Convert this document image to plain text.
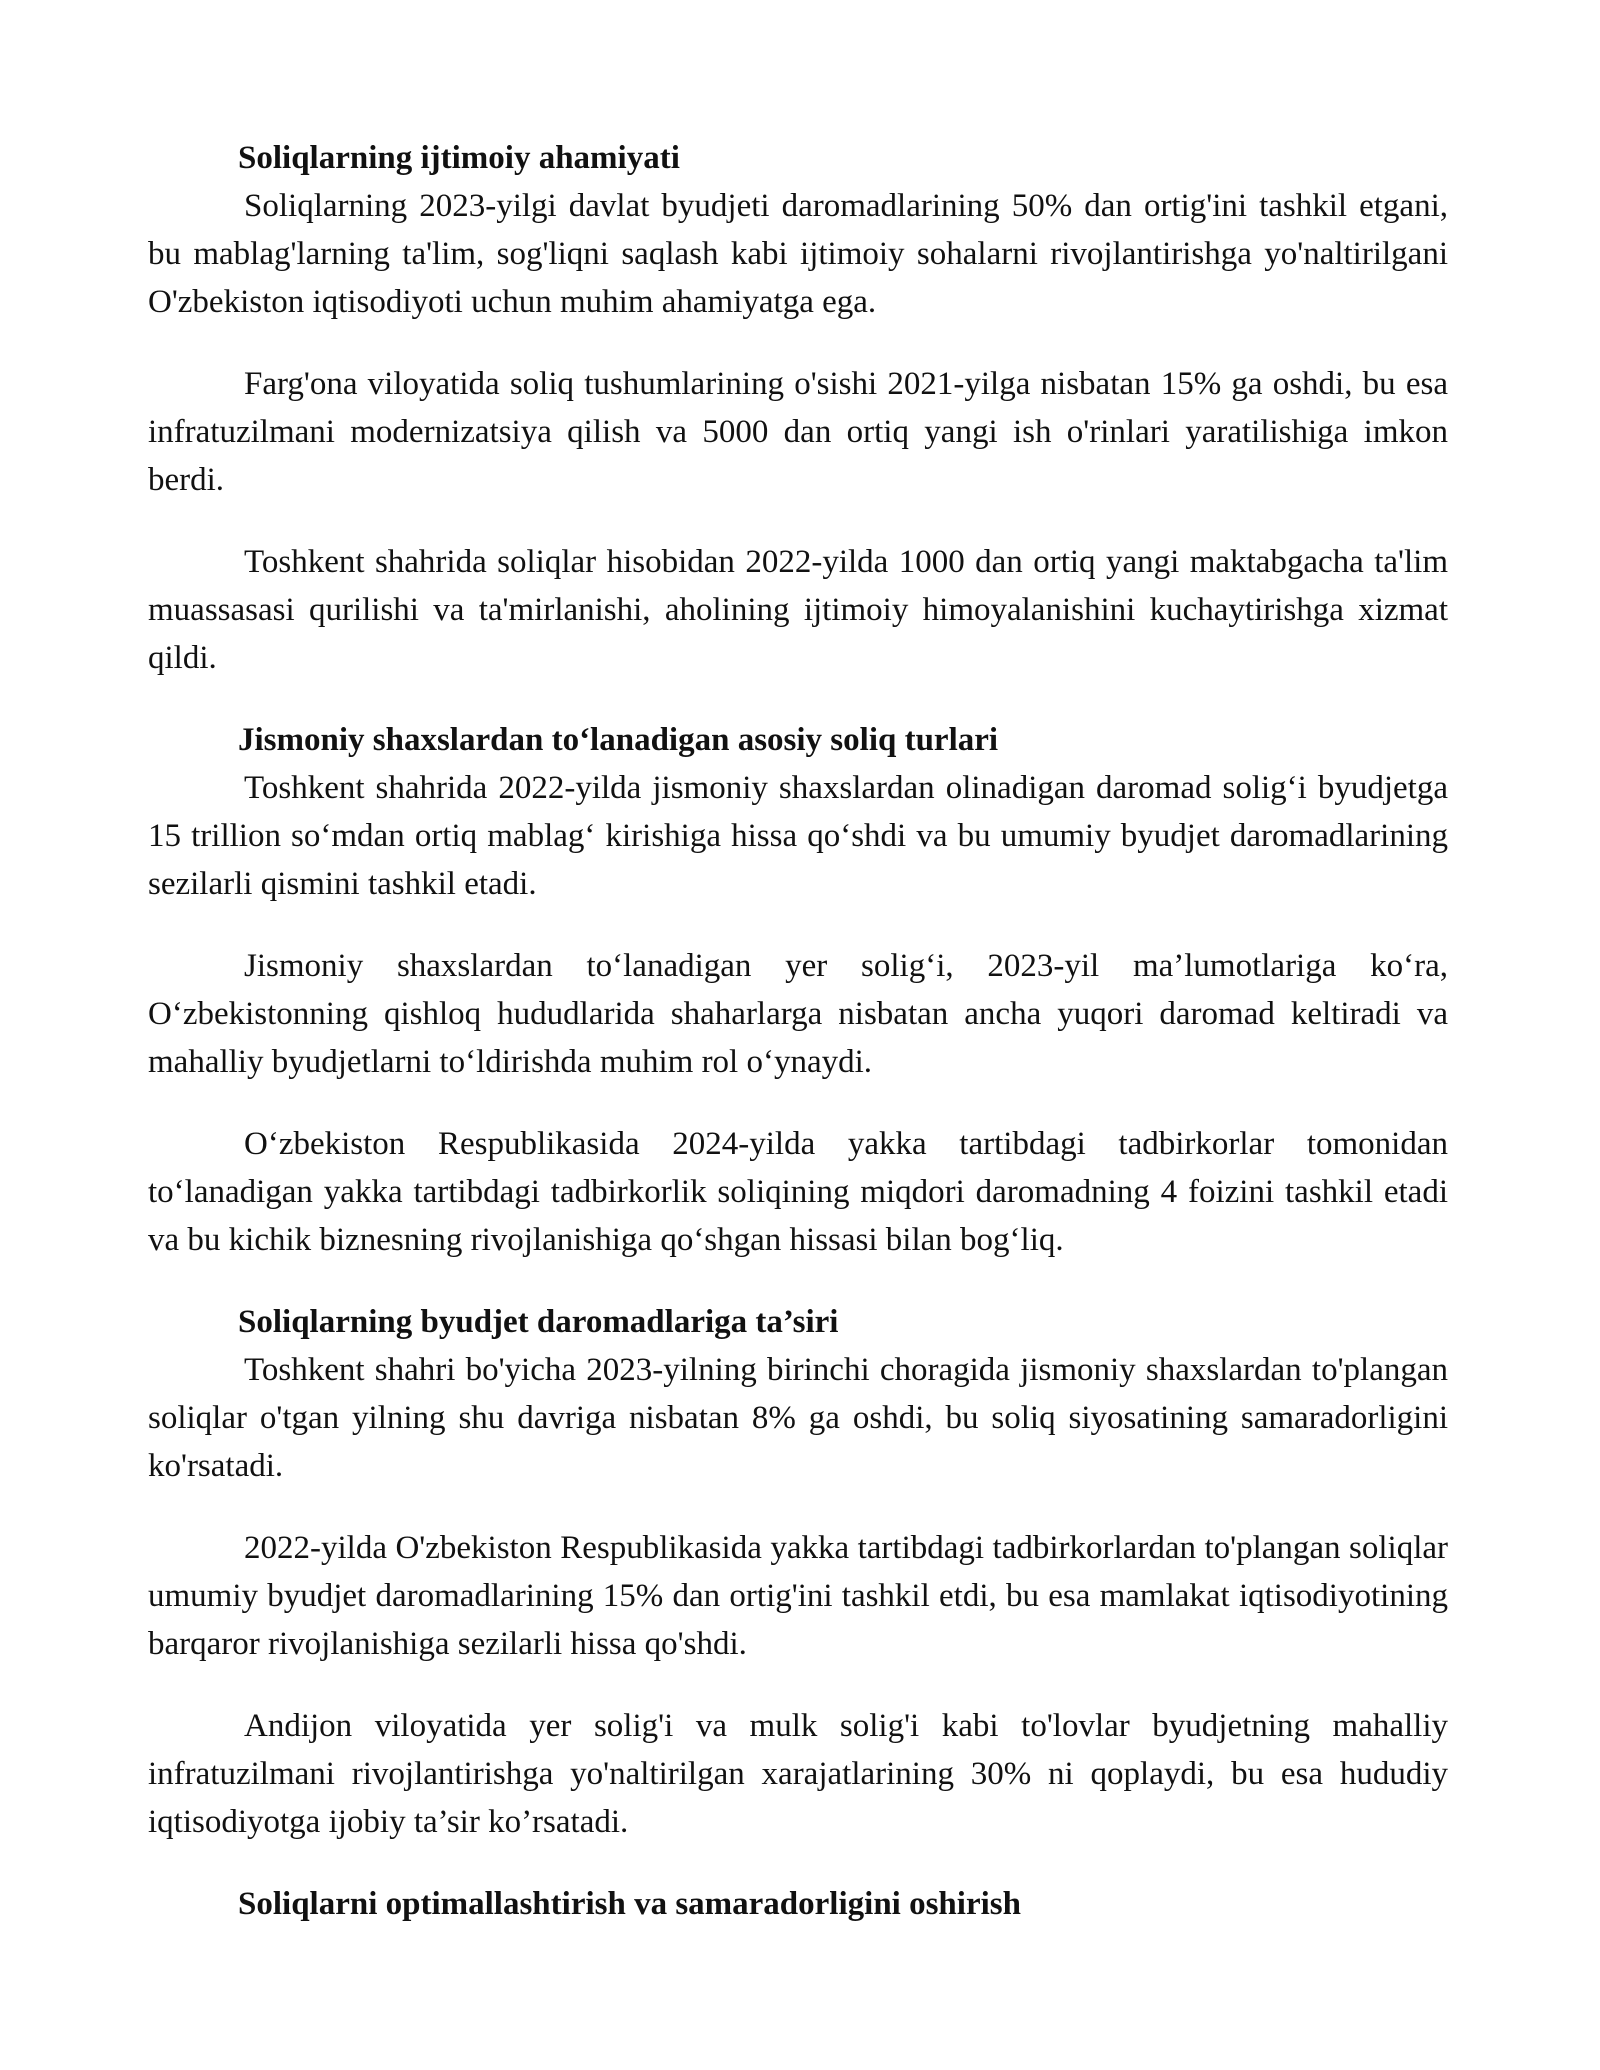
Soliqlarning ijtimoiy ahamiyati

Soliqlarning 2023-yilgi davlat byudjeti daromadlarining 50% dan ortig'ini tashkil etgani, bu mablag'larning ta'lim, sog'liqni saqlash kabi ijtimoiy sohalarni rivojlantirishga yo'naltirilgani O'zbekiston iqtisodiyoti uchun muhim ahamiyatga ega.

Farg'ona viloyatida soliq tushumlarining o'sishi 2021-yilga nisbatan 15% ga oshdi, bu esa infratuzilmani modernizatsiya qilish va 5000 dan ortiq yangi ish o'rinlari yaratilishiga imkon berdi.

Toshkent shahrida soliqlar hisobidan 2022-yilda 1000 dan ortiq yangi maktabgacha ta'lim muassasasi qurilishi va ta'mirlanishi, aholining ijtimoiy himoyalanishini kuchaytirishga xizmat qildi.

Jismoniy shaxslardan to‘lanadigan asosiy soliq turlari

Toshkent shahrida 2022-yilda jismoniy shaxslardan olinadigan daromad solig‘i byudjetga 15 trillion so‘mdan ortiq mablag‘ kirishiga hissa qo‘shdi va bu umumiy byudjet daromadlarining sezilarli qismini tashkil etadi.

Jismoniy shaxslardan to‘lanadigan yer solig‘i, 2023-yil ma’lumotlariga ko‘ra, O‘zbekistonning qishloq hududlarida shaharlarga nisbatan ancha yuqori daromad keltiradi va mahalliy byudjetlarni to‘ldirishda muhim rol o‘ynaydi.

O‘zbekiston Respublikasida 2024-yilda yakka tartibdagi tadbirkorlar tomonidan to‘lanadigan yakka tartibdagi tadbirkorlik soliqining miqdori daromadning 4 foizini tashkil etadi va bu kichik biznesning rivojlanishiga qo‘shgan hissasi bilan bog‘liq.

Soliqlarning byudjet daromadlariga ta’siri

Toshkent shahri bo'yicha 2023-yilning birinchi choragida jismoniy shaxslardan to'plangan soliqlar o'tgan yilning shu davriga nisbatan 8% ga oshdi, bu soliq siyosatining samaradorligini ko'rsatadi.

2022-yilda O'zbekiston Respublikasida yakka tartibdagi tadbirkorlardan to'plangan soliqlar umumiy byudjet daromadlarining 15% dan ortig'ini tashkil etdi, bu esa mamlakat iqtisodiyotining barqaror rivojlanishiga sezilarli hissa qo'shdi.

Andijon viloyatida yer solig'i va mulk solig'i kabi to'lovlar byudjetning mahalliy infratuzilmani rivojlantirishga yo'naltirilgan xarajatlarining 30% ni qoplaydi, bu esa hududiy iqtisodiyotga ijobiy ta’sir ko’rsatadi.

Soliqlarni optimallashtirish va samaradorligini oshirish
